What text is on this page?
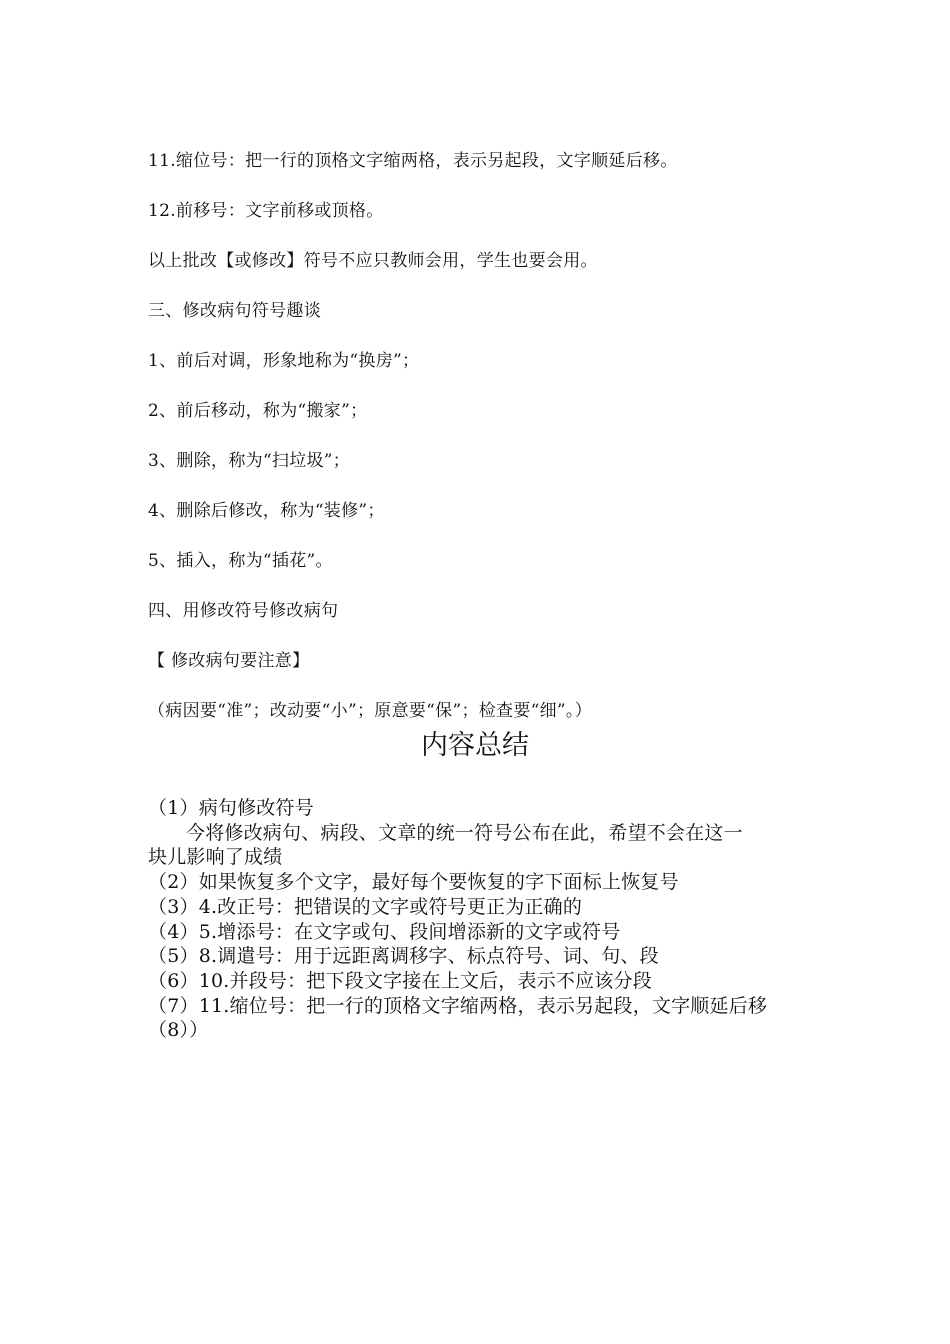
11.缩位号：把一行的顶格文字缩两格，表示另起段，文字顺延后移。

12.前移号：文字前移或顶格。

以上批改【或修改】符号不应只教师会用，学生也要会用。

三、修改病句符号趣谈

1、前后对调，形象地称为“换房”；

2、前后移动，称为“搬家”；

3、删除，称为“扫垃圾”；

4、删除后修改，称为“装修”；

5、插入，称为“插花”。

四、用修改符号修改病句

【 修改病句要注意】

（病因要“准”；改动要“小”；原意要“保”；检查要“细”。）

内容总结

（1）病句修改符号

今将修改病句、病段、文章的统一符号公布在此，希望不会在这一

块儿影响了成绩

（2）如果恢复多个文字，最好每个要恢复的字下面标上恢复号

（3）4.改正号：把错误的文字或符号更正为正确的

（4）5.增添号：在文字或句、段间增添新的文字或符号

（5）8.调遣号：用于远距离调移字、标点符号、词、句、段

（6）10.并段号：把下段文字接在上文后，表示不应该分段

（7）11.缩位号：把一行的顶格文字缩两格，表示另起段，文字顺延后移

（8））
